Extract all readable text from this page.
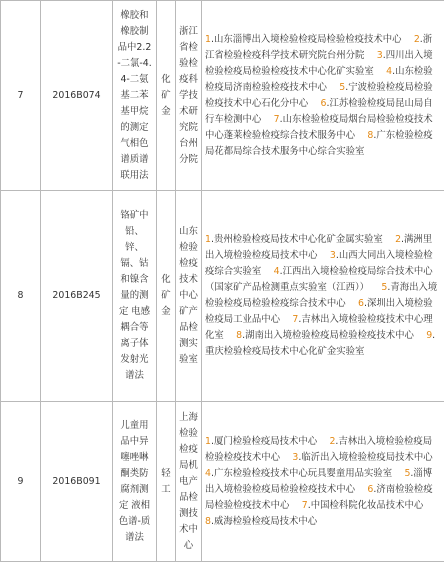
7	2016B074	橡胶和橡胶制品中2.2-二氯-4.4-二氨基二苯基甲烷的测定 气相色谱质谱联用法	化矿金	浙江省检验检疫科学技术研究院台州分院	1.山东淄博出入境检验检疫局检验检疫技术中心 　 2.浙江省检验检疫科学技术研究院台州分院 　 3.四川出入境检验检疫局检验检疫技术中心化矿实验室 　 4.山东检验检疫局济南检验检疫技术中心 　 5.宁波检验检疫局检验检疫技术中心石化分中心 　 6.江苏检验检疫局昆山局自行车检测中心 　 7.山东检验检疫局烟台局检验检疫技术中心蓬莱检验检疫综合技术服务中心 　 8.广东检验检疫局花都局综合技术服务中心综合实验室 　

8	2016B245	铬矿中铅、锌、镉、钴和镍含量的测定 电感耦合等离子体发射光谱法	化矿金	山东检验检疫技术中心矿产品检测实验室	1.贵州检验检疫局技术中心化矿金属实验室 　 2.满洲里出入境检验检疫局技术中心 　 3.山西大同出入境检验检疫综合实验室 　 4.江西出入境检验检疫局综合技术中心（国家矿产品检测重点实验室（江西）） 　 5.青海出入境检验检疫局检验检疫综合技术中心 　 6.深圳出入境检验检疫局工业品中心 　 7.吉林出入境检验检疫技术中心理化室 　 8.湖南出入境检验检疫局检验检疫技术中心 　 9.重庆检验检疫局技术中心化矿金实验室 　

9	2016B091	儿童用品中异噻唑啉酮类防腐剂测定 液相色谱-质谱法	轻工	上海检验检疫局机电产品检测技术中心	1.厦门检验检疫局技术中心 　 2.吉林出入境检验检疫局检验检疫技术中心 　 3.临沂出入境检验检疫局技术中心 　4.广东检验检疫技术中心玩具婴童用品实验室 　 5.淄博出入境检验检疫局检验检疫技术中心 　 6.济南检验检疫局检验检疫技术中心 　 7.中国检科院化妆品技术中心 　8.威海检验检疫局技术中心 　
